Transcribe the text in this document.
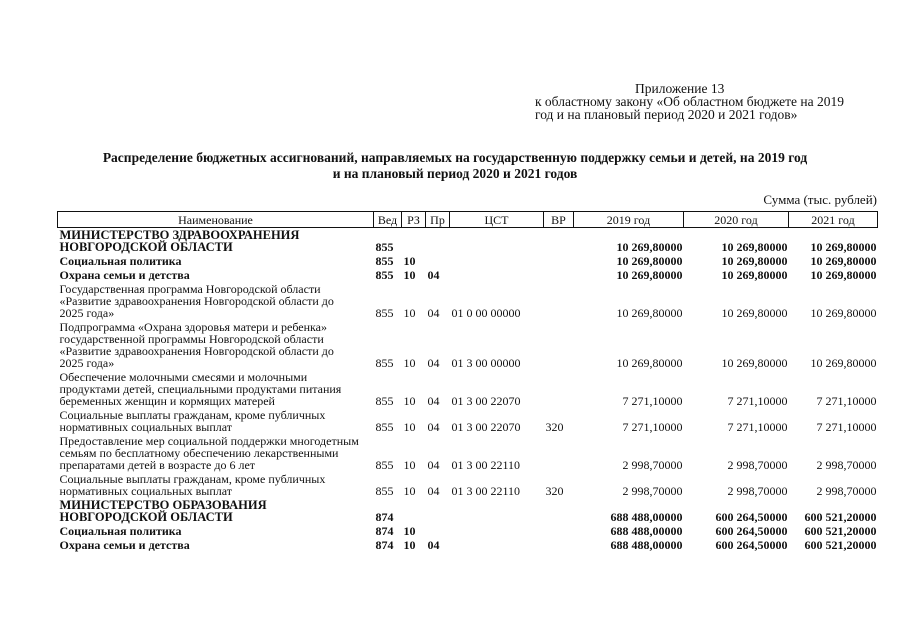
Приложение 13
к областному закону «Об областном бюджете на 2019 год и на плановый период 2020 и 2021 годов»
Распределение бюджетных ассигнований, направляемых на государственную поддержку семьи и детей, на 2019 год
и на плановый период 2020 и 2021 годов
Сумма (тыс. рублей)
Наименование	Вед	РЗ	Пр	ЦСТ	ВР	2019 год	2020 год	2021 год

МИНИСТЕРСТВО ЗДРАВООХРАНЕНИЯ
НОВГОРОДСКОЙ ОБЛАСТИ	855					10 269,80000	10 269,80000	10 269,80000

Социальная политика	855	10				10 269,80000	10 269,80000	10 269,80000

Охрана семьи и детства	855	10	04			10 269,80000	10 269,80000	10 269,80000

Государственная программа Новгородской области
«Развитие здравоохранения Новгородской области до
2025 года»	855	10	04	01 0 00 00000		10 269,80000	10 269,80000	10 269,80000

Подпрограмма «Охрана здоровья матери и ребенка»
государственной программы Новгородской области
«Развитие здравоохранения Новгородской области до
2025 года»	855	10	04	01 3 00 00000		10 269,80000	10 269,80000	10 269,80000

Обеспечение молочными смесями и молочными
продуктами детей, специальными продуктами питания
беременных женщин и кормящих матерей	855	10	04	01 3 00 22070		7 271,10000	7 271,10000	7 271,10000

Социальные выплаты гражданам, кроме публичных
нормативных социальных выплат	855	10	04	01 3 00 22070	320	7 271,10000	7 271,10000	7 271,10000

Предоставление мер социальной поддержки многодетным
семьям по бесплатному обеспечению лекарственными
препаратами детей в возрасте до 6 лет	855	10	04	01 3 00 22110		2 998,70000	2 998,70000	2 998,70000

Социальные выплаты гражданам, кроме публичных
нормативных социальных выплат	855	10	04	01 3 00 22110	320	2 998,70000	2 998,70000	2 998,70000

МИНИСТЕРСТВО ОБРАЗОВАНИЯ
НОВГОРОДСКОЙ ОБЛАСТИ	874					688 488,00000	600 264,50000	600 521,20000

Социальная политика	874	10				688 488,00000	600 264,50000	600 521,20000

Охрана семьи и детства	874	10	04			688 488,00000	600 264,50000	600 521,20000
